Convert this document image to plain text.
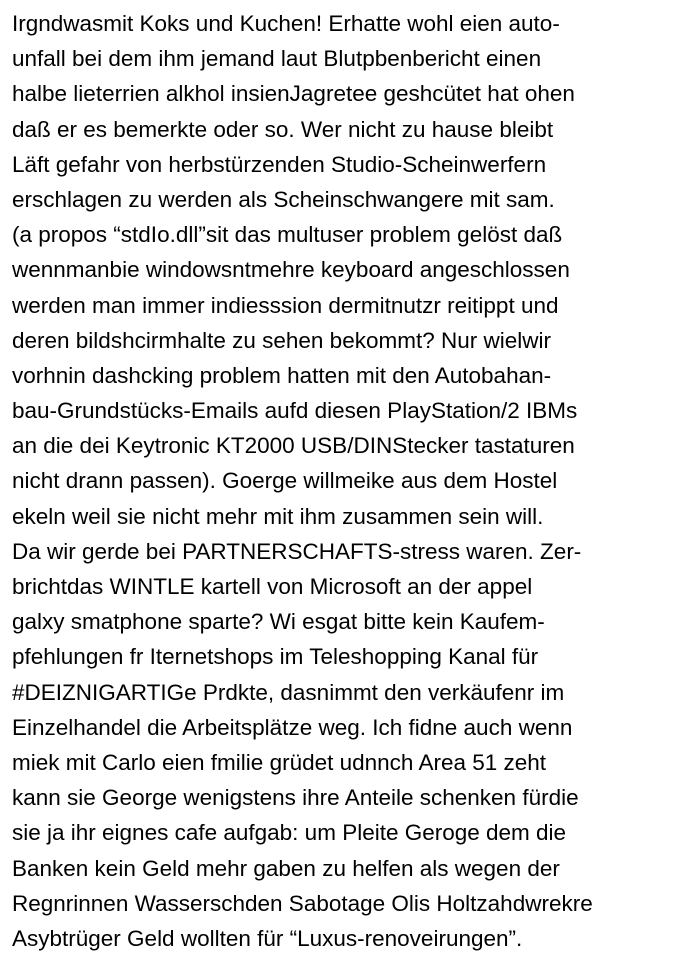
Irgndwasmit Koks und Kuchen! Erhatte wohl eien auto-
unfall bei dem ihm jemand laut Blutpbenbericht einen
halbe lieterrien alkhol insienJagretee geshcütet hat ohen
daß er es bemerkte oder so. Wer nicht zu hause bleibt
Läft gefahr von herbstürzenden Studio-Scheinwerfern
erschlagen zu werden als Scheinschwangere mit sam.
(a propos “stdIo.dll”sit das multuser problem gelöst daß
wennmanbie windowsntmehre keyboard angeschlossen
werden man immer indiesssion dermitnutzr reitippt und
deren bildshcirmhalte zu sehen bekommt? Nur wielwir
vorhnin dashcking problem hatten mit den Autobahan-
bau-Grundstücks-Emails aufd diesen PlayStation/2 IBMs
an die dei Keytronic KT2000 USB/DINStecker tastaturen
nicht drann passen). Goerge willmeike aus dem Hostel
ekeln weil sie nicht mehr mit ihm zusammen sein will.
Da wir gerde bei PARTNERSCHAFTS-stress waren. Zer-
brichtdas WINTLE kartell von Microsoft an der appel
galxy smatphone sparte? Wi esgat bitte kein Kaufem-
pfehlungen fr Iternetshops im Teleshopping Kanal für
#DEIZNIGARTIGe Prdkte, dasnimmt den verkäufenr im
Einzelhandel die Arbeitsplätze weg. Ich fidne auch wenn
miek mit Carlo eien fmilie grüdet udnnch Area 51 zeht
kann sie George wenigstens ihre Anteile schenken fürdie
sie ja ihr eignes cafe aufgab: um Pleite Geroge dem die
Banken kein Geld mehr gaben zu helfen als wegen der
Regnrinnen Wasserschden Sabotage Olis Holtzahdwrekre
Asybtrüger Geld wollten für “Luxus-renoveirungen”.
